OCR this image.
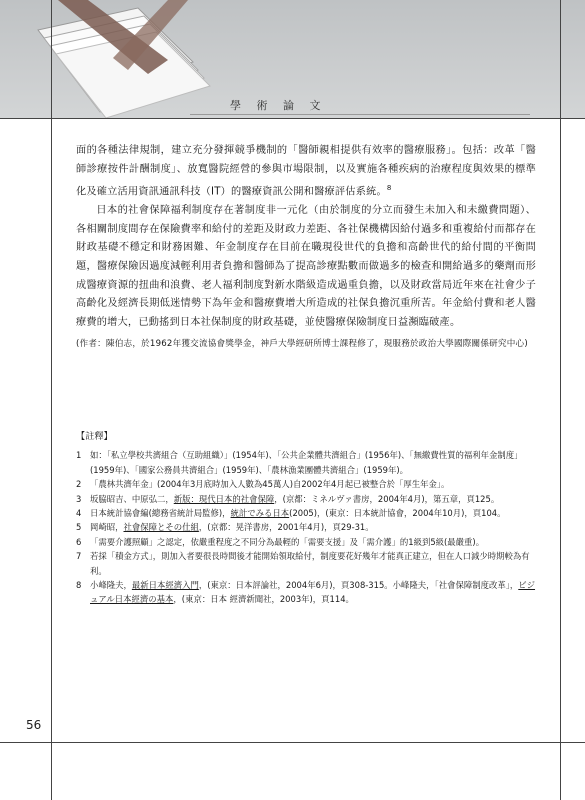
學 術 論 文

面的各種法律規制，建立充分發揮競爭機制的「醫師親相提供有效率的醫療服務」。包括：改革「醫師診療按件計酬制度」、放寬醫院經營的參與市場限制，以及實施各種疾病的治療程度與效果的標準化及確立活用資訊通訊科技（IT）的醫療資訊公開和醫療評估系統。$^8$

日本的社會保障福利制度存在著制度非一元化（由於制度的分立而發生未加入和未繳費問題）、各相關制度間存在保險費率和給付的差距及財政力差距、各社保機構因給付過多和重複給付而都存在財政基礎不穩定和財務困難、年金制度存在目前在職現役世代的負擔和高齡世代的給付間的平衡問題，醫療保險因過度減輕利用者負擔和醫師為了提高診療點數而做過多的檢查和開給過多的藥劑而形成醫療資源的扭曲和浪費、老人福利制度對新水階級造成過重負擔，以及財政當局近年來在社會少子高齡化及經濟長期低迷情勢下為年金和醫療費增大所造成的社保負擔沉重所苦。年金給付費和老人醫療費的增大，已動搖到日本社保制度的財政基礎，並使醫療保險制度日益瀕臨破產。

(作者：陳伯志，於1962年獲交流協會獎學金，神戶大學經研所博士課程修了，現服務於政治大學國際關係研究中心)

【註釋】

1	如：「私立學校共濟組合（互助組織）」(1954年)、「公共企業體共濟組合」(1956年)、「無繳費性質的福利年金制度」(1959年)、「國家公務員共濟組合」(1959年)、「農林漁業團體共濟組合」(1959年)。

2	「農林共濟年金」(2004年3月底時加入人數為45萬人)自2002年4月起已被整合於「厚生年金」。

3	坂脇昭吉、中原弘二，新版：現代日本的社會保障，(京都：ミネルヴァ書房，2004年4月)，第五章，頁125。

4	日本統計協會編(總務省統計局監修)，統計でみる日本(2005)，(東京：日本統計協會，2004年10月)，頁104。

5	岡崎昭，社會保障とその仕組，(京都：晃洋書房，2001年4月)，頁29-31。

6	「需要介護照顧」之認定，依嚴重程度之不同分為最輕的「需要支援」及「需介護」的1級到5級(最嚴重)。

7	若採「積金方式」，則加入者要很長時間後才能開始領取給付，制度要花好幾年才能真正建立，但在人口減少時期較為有利。

8	小峰隆夫，最新日本經濟入門，(東京：日本評論社，2004年6月)，頁308-315。小峰隆夫，「社會保障制度改革」，ビジュアル日本經濟の基本，(東京：日本 經濟新聞社，2003年)，頁114。

56
